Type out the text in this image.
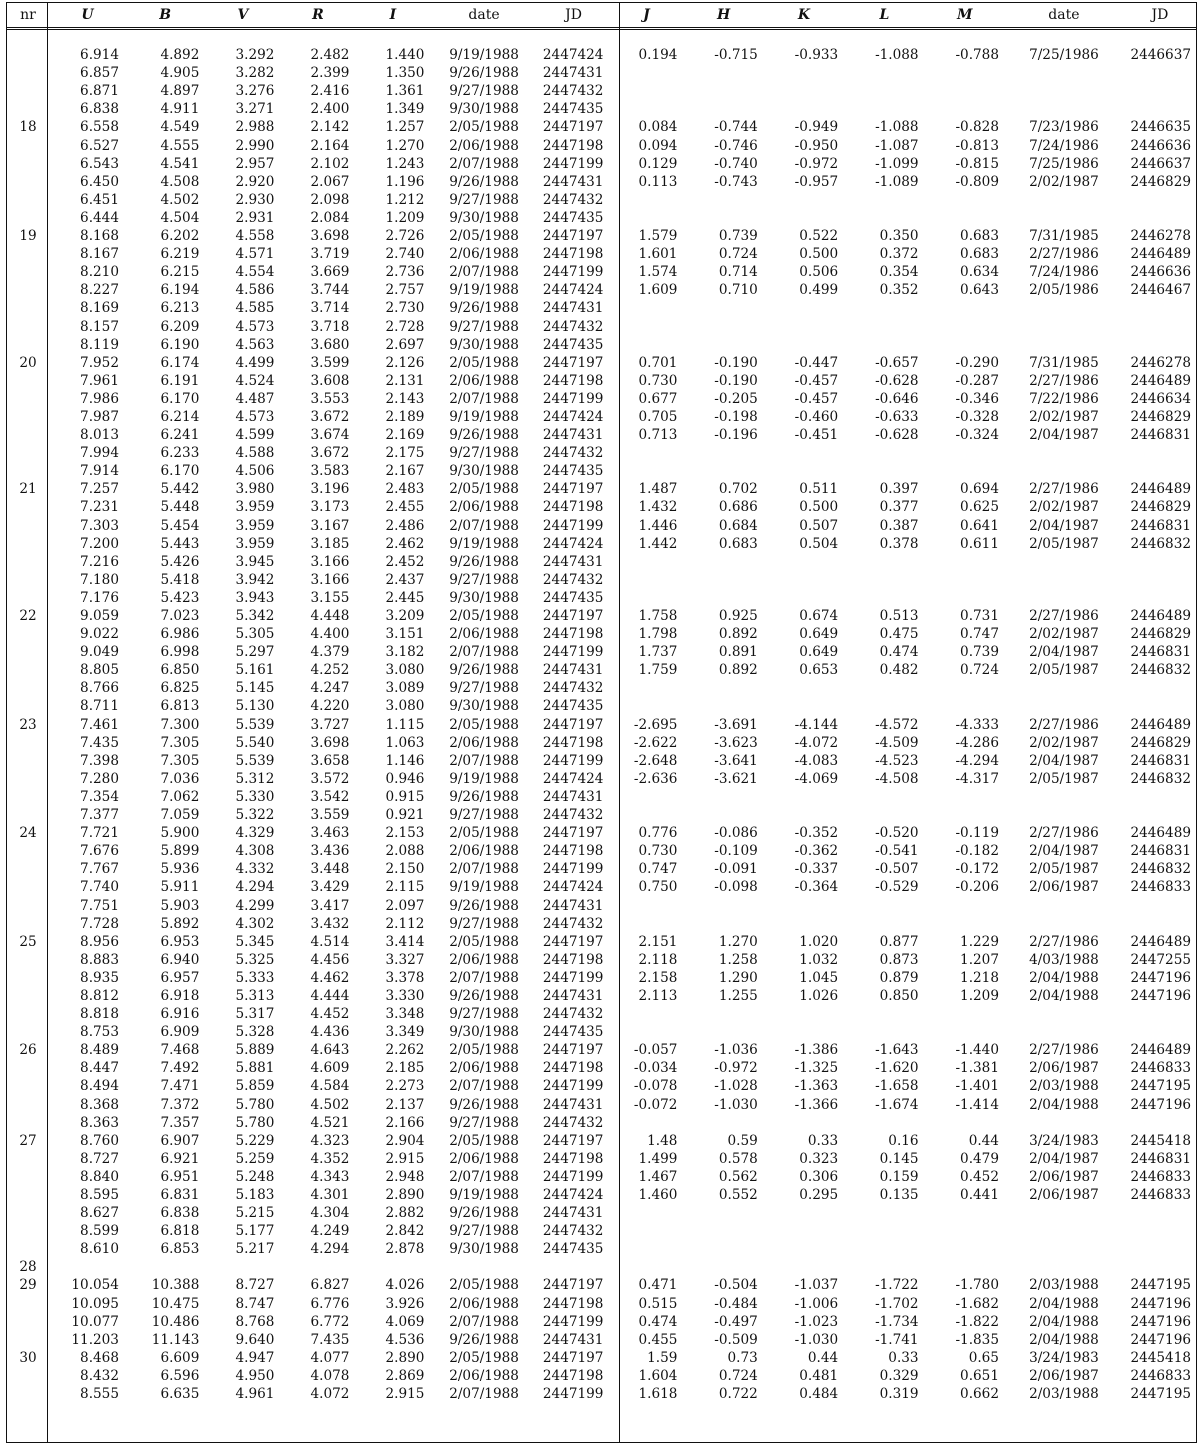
nr	U	B	V	R	I	date	JD	J	H	K	L	M	date	JD

	6.914	4.892	3.292	2.482	1.440	9/19/1988	2447424	0.194	-0.715	-0.933	-1.088	-0.788	7/25/1986	2446637
	6.857	4.905	3.282	2.399	1.350	9/26/1988	2447431							
	6.871	4.897	3.276	2.416	1.361	9/27/1988	2447432							
	6.838	4.911	3.271	2.400	1.349	9/30/1988	2447435							
18	6.558	4.549	2.988	2.142	1.257	2/05/1988	2447197	0.084	-0.744	-0.949	-1.088	-0.828	7/23/1986	2446635
	6.527	4.555	2.990	2.164	1.270	2/06/1988	2447198	0.094	-0.746	-0.950	-1.087	-0.813	7/24/1986	2446636
	6.543	4.541	2.957	2.102	1.243	2/07/1988	2447199	0.129	-0.740	-0.972	-1.099	-0.815	7/25/1986	2446637
	6.450	4.508	2.920	2.067	1.196	9/26/1988	2447431	0.113	-0.743	-0.957	-1.089	-0.809	2/02/1987	2446829
	6.451	4.502	2.930	2.098	1.212	9/27/1988	2447432							
	6.444	4.504	2.931	2.084	1.209	9/30/1988	2447435							
19	8.168	6.202	4.558	3.698	2.726	2/05/1988	2447197	1.579	0.739	0.522	0.350	0.683	7/31/1985	2446278
	8.167	6.219	4.571	3.719	2.740	2/06/1988	2447198	1.601	0.724	0.500	0.372	0.683	2/27/1986	2446489
	8.210	6.215	4.554	3.669	2.736	2/07/1988	2447199	1.574	0.714	0.506	0.354	0.634	7/24/1986	2446636
	8.227	6.194	4.586	3.744	2.757	9/19/1988	2447424	1.609	0.710	0.499	0.352	0.643	2/05/1986	2446467
	8.169	6.213	4.585	3.714	2.730	9/26/1988	2447431							
	8.157	6.209	4.573	3.718	2.728	9/27/1988	2447432							
	8.119	6.190	4.563	3.680	2.697	9/30/1988	2447435							
20	7.952	6.174	4.499	3.599	2.126	2/05/1988	2447197	0.701	-0.190	-0.447	-0.657	-0.290	7/31/1985	2446278
	7.961	6.191	4.524	3.608	2.131	2/06/1988	2447198	0.730	-0.190	-0.457	-0.628	-0.287	2/27/1986	2446489
	7.986	6.170	4.487	3.553	2.143	2/07/1988	2447199	0.677	-0.205	-0.457	-0.646	-0.346	7/22/1986	2446634
	7.987	6.214	4.573	3.672	2.189	9/19/1988	2447424	0.705	-0.198	-0.460	-0.633	-0.328	2/02/1987	2446829
	8.013	6.241	4.599	3.674	2.169	9/26/1988	2447431	0.713	-0.196	-0.451	-0.628	-0.324	2/04/1987	2446831
	7.994	6.233	4.588	3.672	2.175	9/27/1988	2447432							
	7.914	6.170	4.506	3.583	2.167	9/30/1988	2447435							
21	7.257	5.442	3.980	3.196	2.483	2/05/1988	2447197	1.487	0.702	0.511	0.397	0.694	2/27/1986	2446489
	7.231	5.448	3.959	3.173	2.455	2/06/1988	2447198	1.432	0.686	0.500	0.377	0.625	2/02/1987	2446829
	7.303	5.454	3.959	3.167	2.486	2/07/1988	2447199	1.446	0.684	0.507	0.387	0.641	2/04/1987	2446831
	7.200	5.443	3.959	3.185	2.462	9/19/1988	2447424	1.442	0.683	0.504	0.378	0.611	2/05/1987	2446832
	7.216	5.426	3.945	3.166	2.452	9/26/1988	2447431							
	7.180	5.418	3.942	3.166	2.437	9/27/1988	2447432							
	7.176	5.423	3.943	3.155	2.445	9/30/1988	2447435							
22	9.059	7.023	5.342	4.448	3.209	2/05/1988	2447197	1.758	0.925	0.674	0.513	0.731	2/27/1986	2446489
	9.022	6.986	5.305	4.400	3.151	2/06/1988	2447198	1.798	0.892	0.649	0.475	0.747	2/02/1987	2446829
	9.049	6.998	5.297	4.379	3.182	2/07/1988	2447199	1.737	0.891	0.649	0.474	0.739	2/04/1987	2446831
	8.805	6.850	5.161	4.252	3.080	9/26/1988	2447431	1.759	0.892	0.653	0.482	0.724	2/05/1987	2446832
	8.766	6.825	5.145	4.247	3.089	9/27/1988	2447432							
	8.711	6.813	5.130	4.220	3.080	9/30/1988	2447435							
23	7.461	7.300	5.539	3.727	1.115	2/05/1988	2447197	-2.695	-3.691	-4.144	-4.572	-4.333	2/27/1986	2446489
	7.435	7.305	5.540	3.698	1.063	2/06/1988	2447198	-2.622	-3.623	-4.072	-4.509	-4.286	2/02/1987	2446829
	7.398	7.305	5.539	3.658	1.146	2/07/1988	2447199	-2.648	-3.641	-4.083	-4.523	-4.294	2/04/1987	2446831
	7.280	7.036	5.312	3.572	0.946	9/19/1988	2447424	-2.636	-3.621	-4.069	-4.508	-4.317	2/05/1987	2446832
	7.354	7.062	5.330	3.542	0.915	9/26/1988	2447431							
	7.377	7.059	5.322	3.559	0.921	9/27/1988	2447432							
24	7.721	5.900	4.329	3.463	2.153	2/05/1988	2447197	0.776	-0.086	-0.352	-0.520	-0.119	2/27/1986	2446489
	7.676	5.899	4.308	3.436	2.088	2/06/1988	2447198	0.730	-0.109	-0.362	-0.541	-0.182	2/04/1987	2446831
	7.767	5.936	4.332	3.448	2.150	2/07/1988	2447199	0.747	-0.091	-0.337	-0.507	-0.172	2/05/1987	2446832
	7.740	5.911	4.294	3.429	2.115	9/19/1988	2447424	0.750	-0.098	-0.364	-0.529	-0.206	2/06/1987	2446833
	7.751	5.903	4.299	3.417	2.097	9/26/1988	2447431							
	7.728	5.892	4.302	3.432	2.112	9/27/1988	2447432							
25	8.956	6.953	5.345	4.514	3.414	2/05/1988	2447197	2.151	1.270	1.020	0.877	1.229	2/27/1986	2446489
	8.883	6.940	5.325	4.456	3.327	2/06/1988	2447198	2.118	1.258	1.032	0.873	1.207	4/03/1988	2447255
	8.935	6.957	5.333	4.462	3.378	2/07/1988	2447199	2.158	1.290	1.045	0.879	1.218	2/04/1988	2447196
	8.812	6.918	5.313	4.444	3.330	9/26/1988	2447431	2.113	1.255	1.026	0.850	1.209	2/04/1988	2447196
	8.818	6.916	5.317	4.452	3.348	9/27/1988	2447432							
	8.753	6.909	5.328	4.436	3.349	9/30/1988	2447435							
26	8.489	7.468	5.889	4.643	2.262	2/05/1988	2447197	-0.057	-1.036	-1.386	-1.643	-1.440	2/27/1986	2446489
	8.447	7.492	5.881	4.609	2.185	2/06/1988	2447198	-0.034	-0.972	-1.325	-1.620	-1.381	2/06/1987	2446833
	8.494	7.471	5.859	4.584	2.273	2/07/1988	2447199	-0.078	-1.028	-1.363	-1.658	-1.401	2/03/1988	2447195
	8.368	7.372	5.780	4.502	2.137	9/26/1988	2447431	-0.072	-1.030	-1.366	-1.674	-1.414	2/04/1988	2447196
	8.363	7.357	5.780	4.521	2.166	9/27/1988	2447432							
27	8.760	6.907	5.229	4.323	2.904	2/05/1988	2447197	1.48	0.59	0.33	0.16	0.44	3/24/1983	2445418
	8.727	6.921	5.259	4.352	2.915	2/06/1988	2447198	1.499	0.578	0.323	0.145	0.479	2/04/1987	2446831
	8.840	6.951	5.248	4.343	2.948	2/07/1988	2447199	1.467	0.562	0.306	0.159	0.452	2/06/1987	2446833
	8.595	6.831	5.183	4.301	2.890	9/19/1988	2447424	1.460	0.552	0.295	0.135	0.441	2/06/1987	2446833
	8.627	6.838	5.215	4.304	2.882	9/26/1988	2447431							
	8.599	6.818	5.177	4.249	2.842	9/27/1988	2447432							
	8.610	6.853	5.217	4.294	2.878	9/30/1988	2447435							
28														
29	10.054	10.388	8.727	6.827	4.026	2/05/1988	2447197	0.471	-0.504	-1.037	-1.722	-1.780	2/03/1988	2447195
	10.095	10.475	8.747	6.776	3.926	2/06/1988	2447198	0.515	-0.484	-1.006	-1.702	-1.682	2/04/1988	2447196
	10.077	10.486	8.768	6.772	4.069	2/07/1988	2447199	0.474	-0.497	-1.023	-1.734	-1.822	2/04/1988	2447196
	11.203	11.143	9.640	7.435	4.536	9/26/1988	2447431	0.455	-0.509	-1.030	-1.741	-1.835	2/04/1988	2447196
30	8.468	6.609	4.947	4.077	2.890	2/05/1988	2447197	1.59	0.73	0.44	0.33	0.65	3/24/1983	2445418
	8.432	6.596	4.950	4.078	2.869	2/06/1988	2447198	1.604	0.724	0.481	0.329	0.651	2/06/1987	2446833
	8.555	6.635	4.961	4.072	2.915	2/07/1988	2447199	1.618	0.722	0.484	0.319	0.662	2/03/1988	2447195
